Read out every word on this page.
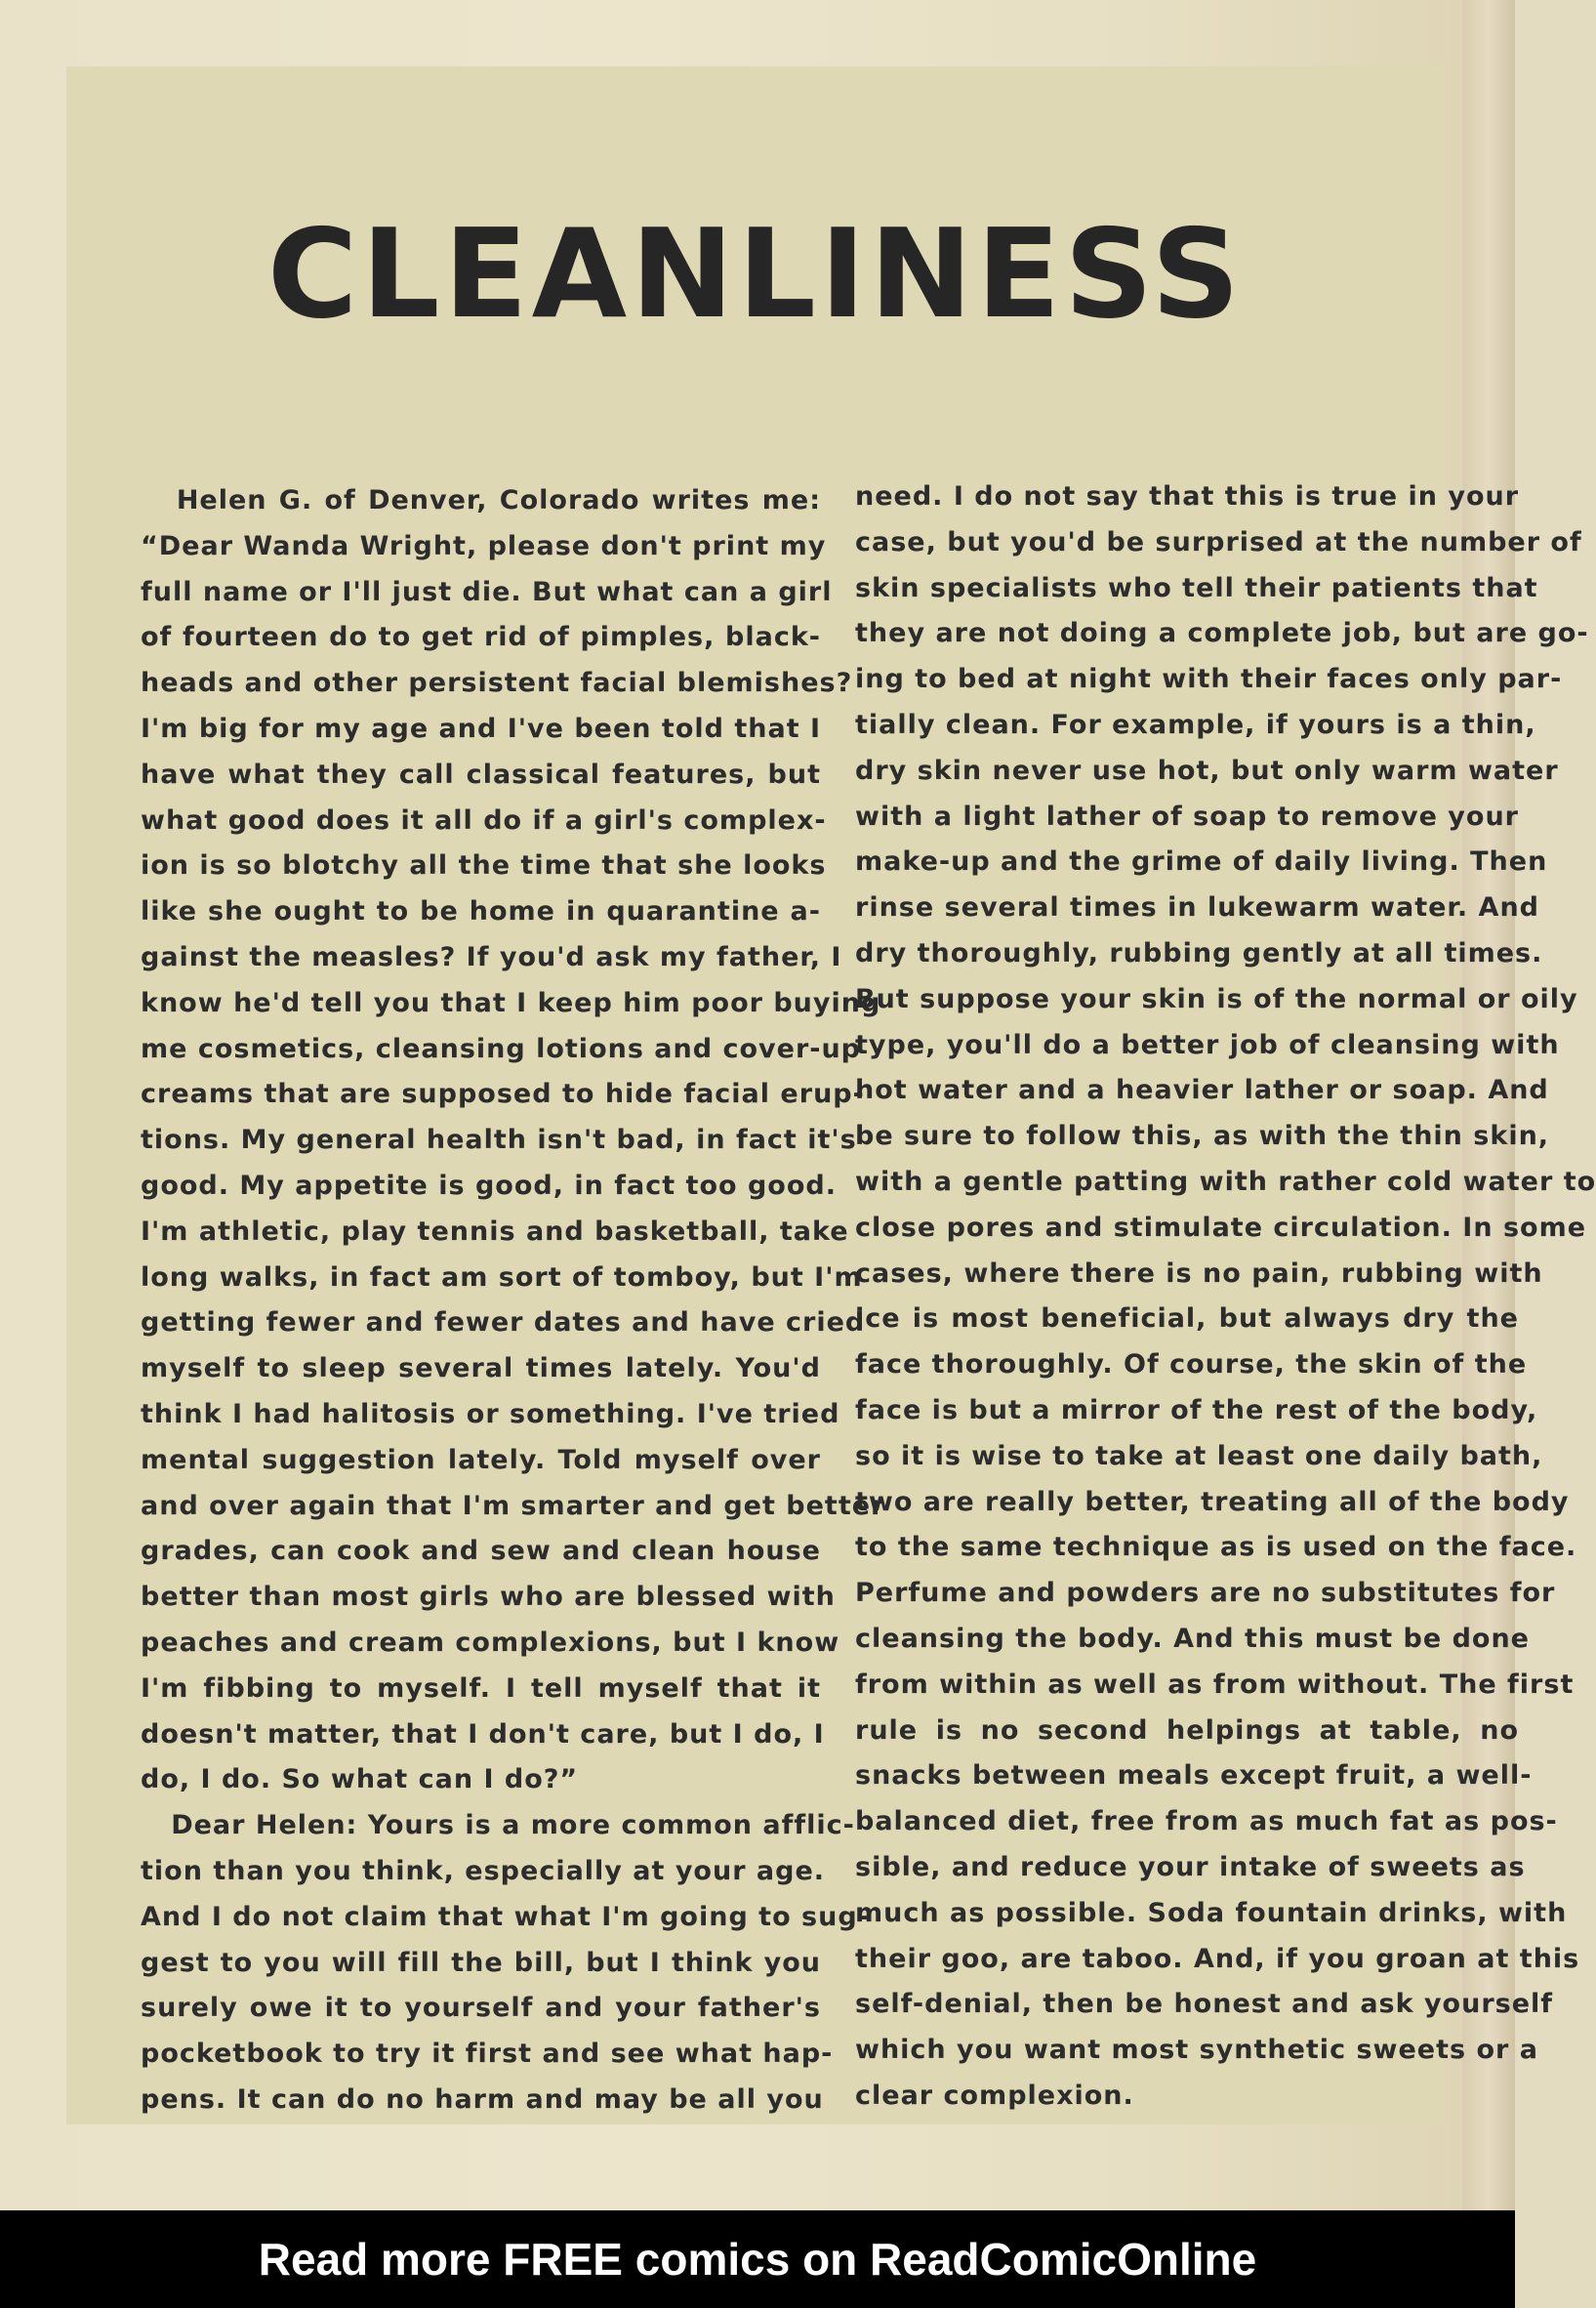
CLEANLINESS
Helen G. of Denver, Colorado writes me:
“Dear Wanda Wright, please don't print my
full name or I'll just die. But what can a girl
of fourteen do to get rid of pimples, black-
heads and other persistent facial blemishes?
I'm big for my age and I've been told that I
have what they call classical features, but
what good does it all do if a girl's complex-
ion is so blotchy all the time that she looks
like she ought to be home in quarantine a-
gainst the measles? If you'd ask my father, I
know he'd tell you that I keep him poor buying
me cosmetics, cleansing lotions and cover-up
creams that are supposed to hide facial erup-
tions. My general health isn't bad, in fact it's
good. My appetite is good, in fact too good.
I'm athletic, play tennis and basketball, take
long walks, in fact am sort of tomboy, but I'm
getting fewer and fewer dates and have cried
myself to sleep several times lately. You'd
think I had halitosis or something. I've tried
mental suggestion lately. Told myself over
and over again that I'm smarter and get better
grades, can cook and sew and clean house
better than most girls who are blessed with
peaches and cream complexions, but I know
I'm fibbing to myself. I tell myself that it
doesn't matter, that I don't care, but I do, I
do, I do. So what can I do?”
Dear Helen: Yours is a more common afflic-
tion than you think, especially at your age.
And I do not claim that what I'm going to sug-
gest to you will fill the bill, but I think you
surely owe it to yourself and your father's
pocketbook to try it first and see what hap-
pens. It can do no harm and may be all you
need. I do not say that this is true in your
case, but you'd be surprised at the number of
skin specialists who tell their patients that
they are not doing a complete job, but are go-
ing to bed at night with their faces only par-
tially clean. For example, if yours is a thin,
dry skin never use hot, but only warm water
with a light lather of soap to remove your
make-up and the grime of daily living. Then
rinse several times in lukewarm water. And
dry thoroughly, rubbing gently at all times.
But suppose your skin is of the normal or oily
type, you'll do a better job of cleansing with
hot water and a heavier lather or soap. And
be sure to follow this, as with the thin skin,
with a gentle patting with rather cold water to
close pores and stimulate circulation. In some
cases, where there is no pain, rubbing with
ice is most beneficial, but always dry the
face thoroughly. Of course, the skin of the
face is but a mirror of the rest of the body,
so it is wise to take at least one daily bath,
two are really better, treating all of the body
to the same technique as is used on the face.
Perfume and powders are no substitutes for
cleansing the body. And this must be done
from within as well as from without. The first
rule is no second helpings at table, no
snacks between meals except fruit, a well-
balanced diet, free from as much fat as pos-
sible, and reduce your intake of sweets as
much as possible. Soda fountain drinks, with
their goo, are taboo. And, if you groan at this
self-denial, then be honest and ask yourself
which you want most synthetic sweets or a
clear complexion.
Read more FREE comics on ReadComicOnline
